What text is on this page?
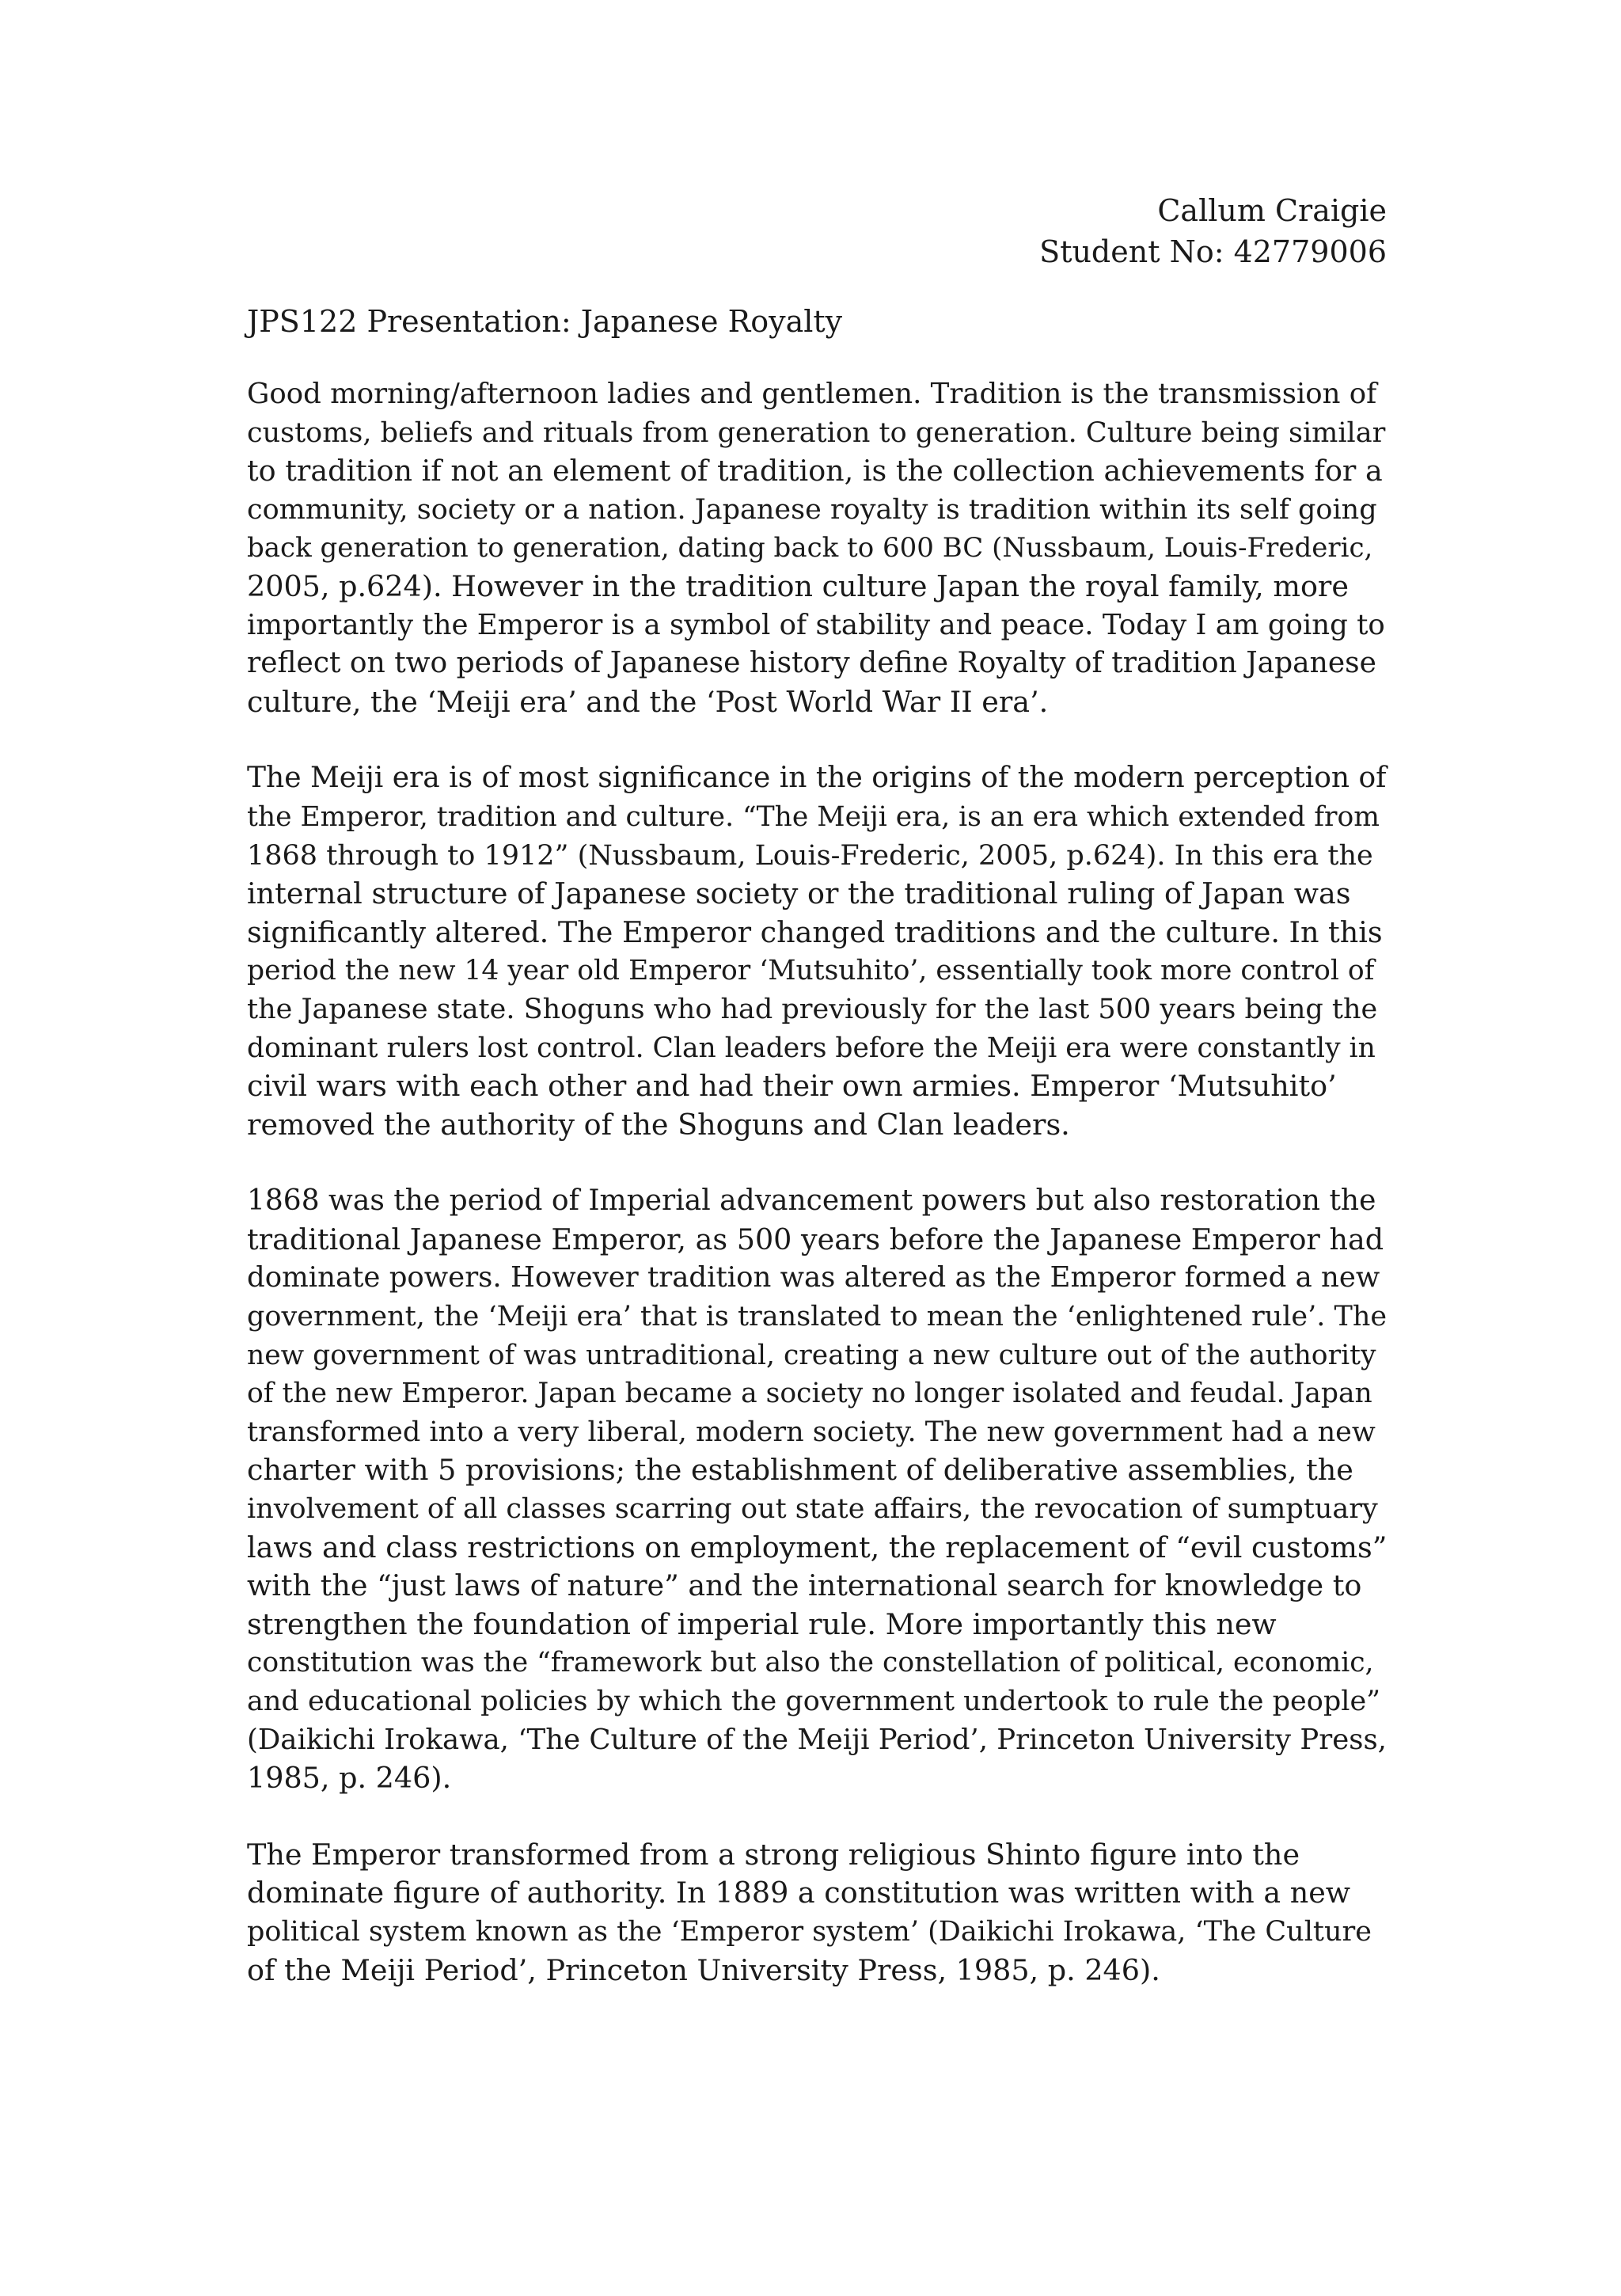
Callum Craigie
Student No: 42779006
JPS122 Presentation: Japanese Royalty

Good morning/afternoon ladies and gentlemen. Tradition is the transmission of
customs, beliefs and rituals from generation to generation. Culture being similar
to tradition if not an element of tradition, is the collection achievements for a
community, society or a nation. Japanese royalty is tradition within its self going
back generation to generation, dating back to 600 BC (Nussbaum, Louis-Frederic,
2005, p.624). However in the tradition culture Japan the royal family, more
importantly the Emperor is a symbol of stability and peace. Today I am going to
reflect on two periods of Japanese history define Royalty of tradition Japanese
culture, the ‘Meiji era’ and the ‘Post World War II era’.

The Meiji era is of most significance in the origins of the modern perception of
the Emperor, tradition and culture. “The Meiji era, is an era which extended from
1868 through to 1912” (Nussbaum, Louis-Frederic, 2005, p.624). In this era the
internal structure of Japanese society or the traditional ruling of Japan was
significantly altered. The Emperor changed traditions and the culture. In this
period the new 14 year old Emperor ‘Mutsuhito’, essentially took more control of
the Japanese state. Shoguns who had previously for the last 500 years being the
dominant rulers lost control. Clan leaders before the Meiji era were constantly in
civil wars with each other and had their own armies. Emperor ‘Mutsuhito’
removed the authority of the Shoguns and Clan leaders.

1868 was the period of Imperial advancement powers but also restoration the
traditional Japanese Emperor, as 500 years before the Japanese Emperor had
dominate powers. However tradition was altered as the Emperor formed a new
government, the ‘Meiji era’ that is translated to mean the ‘enlightened rule’. The
new government of was untraditional, creating a new culture out of the authority
of the new Emperor. Japan became a society no longer isolated and feudal. Japan
transformed into a very liberal, modern society. The new government had a new
charter with 5 provisions; the establishment of deliberative assemblies, the
involvement of all classes scarring out state affairs, the revocation of sumptuary
laws and class restrictions on employment, the replacement of “evil customs”
with the “just laws of nature” and the international search for knowledge to
strengthen the foundation of imperial rule. More importantly this new
constitution was the “framework but also the constellation of political, economic,
and educational policies by which the government undertook to rule the people”
(Daikichi Irokawa, ‘The Culture of the Meiji Period’, Princeton University Press,
1985, p. 246).

The Emperor transformed from a strong religious Shinto figure into the
dominate figure of authority. In 1889 a constitution was written with a new
political system known as the ‘Emperor system’ (Daikichi Irokawa, ‘The Culture
of the Meiji Period’, Princeton University Press, 1985, p. 246).
